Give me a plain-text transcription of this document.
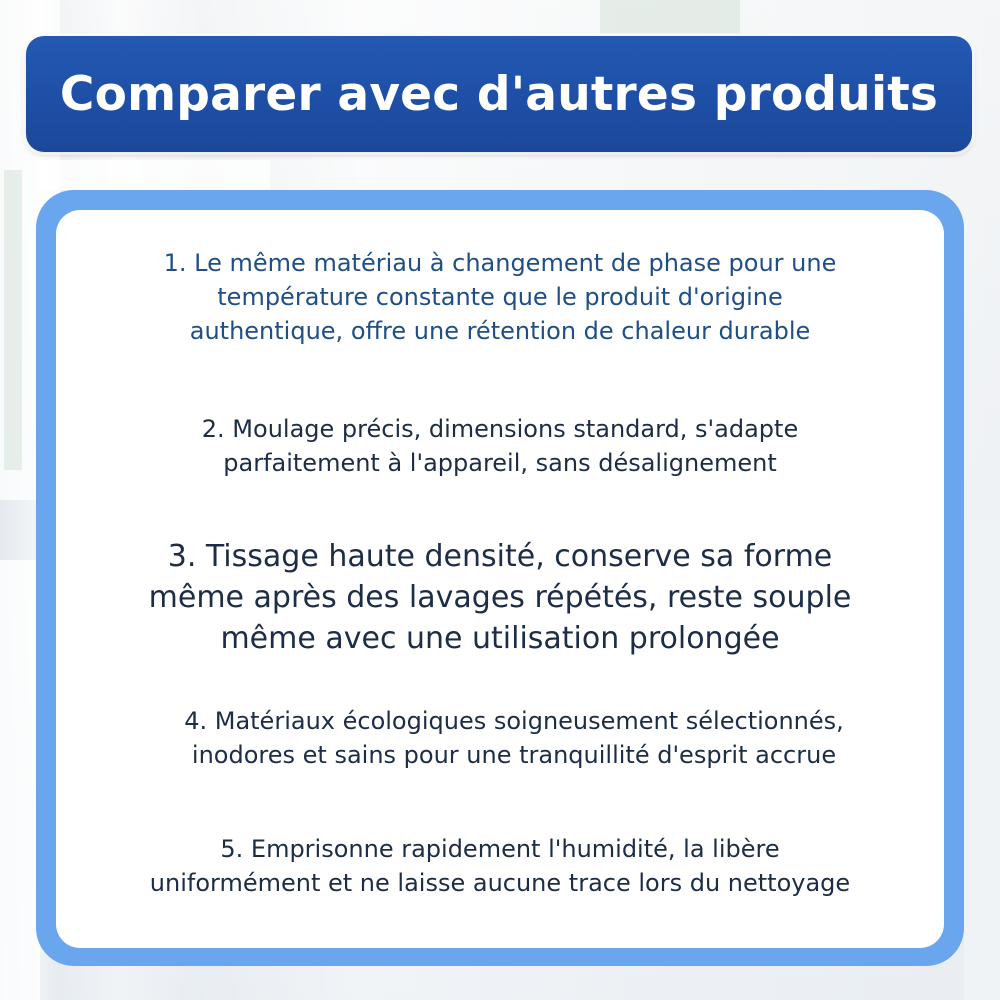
Comparer avec d'autres produits

1. Le même matériau à changement de phase pour une
température constante que le produit d'origine
authentique, offre une rétention de chaleur durable

2. Moulage précis, dimensions standard, s'adapte
parfaitement à l'appareil, sans désalignement

3. Tissage haute densité, conserve sa forme
même après des lavages répétés, reste souple
même avec une utilisation prolongée

4. Matériaux écologiques soigneusement sélectionnés,
inodores et sains pour une tranquillité d'esprit accrue

5. Emprisonne rapidement l'humidité, la libère
uniformément et ne laisse aucune trace lors du nettoyage
